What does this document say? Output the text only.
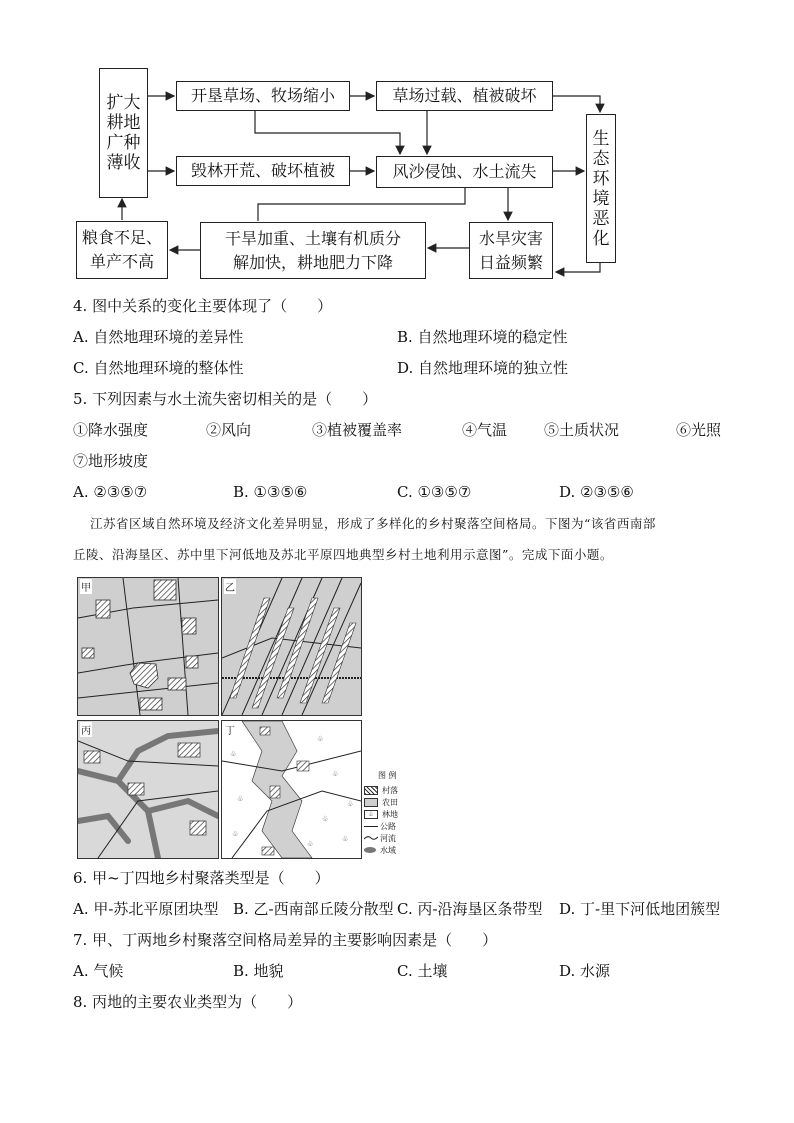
扩大
耕地
广种
薄收
开垦草场、牧场缩小	草场过载、植被破坏
毁林开荒、破坏植被	风沙侵蚀、水土流失
生
态
环
境
恶
化
粮食不足、
单产不高
干旱加重、土壤有机质分
解加快，耕地肥力下降
水旱灾害
日益频繁
4. 图中关系的变化主要体现了（　　）
A. 自然地理环境的差异性	B. 自然地理环境的稳定性
C. 自然地理环境的整体性	D. 自然地理环境的独立性
5. 下列因素与水土流失密切相关的是（　　）
①降水强度	②风向	③植被覆盖率	④气温 ⑤土质状况	⑥光照
⑦地形坡度
A. ②③⑤⑦	B. ①③⑤⑥	C. ①③⑤⑦	D. ②③⑤⑥
江苏省区域自然环境及经济文化差异明显，形成了多样化的乡村聚落空间格局。下图为“该省西南部
丘陵、沿海垦区、苏中里下河低地及苏北平原四地典型乡村土地利用示意图”。完成下面小题。
甲	乙
丙
♧
♧
♧
♧
♧
♧
♧
♧
♧
丁
图 例
村落
农田
♧	林地
公路
河流
水域
6. 甲~丁四地乡村聚落类型是（　　）
A. 甲-苏北平原团块型 B. 乙-西南部丘陵分散型 C. 丙-沿海垦区条带型 D. 丁-里下河低地团簇型
7. 甲、丁两地乡村聚落空间格局差异的主要影响因素是（　　）
A. 气候	B. 地貌	C. 土壤	D. 水源
8. 丙地的主要农业类型为（　　）
